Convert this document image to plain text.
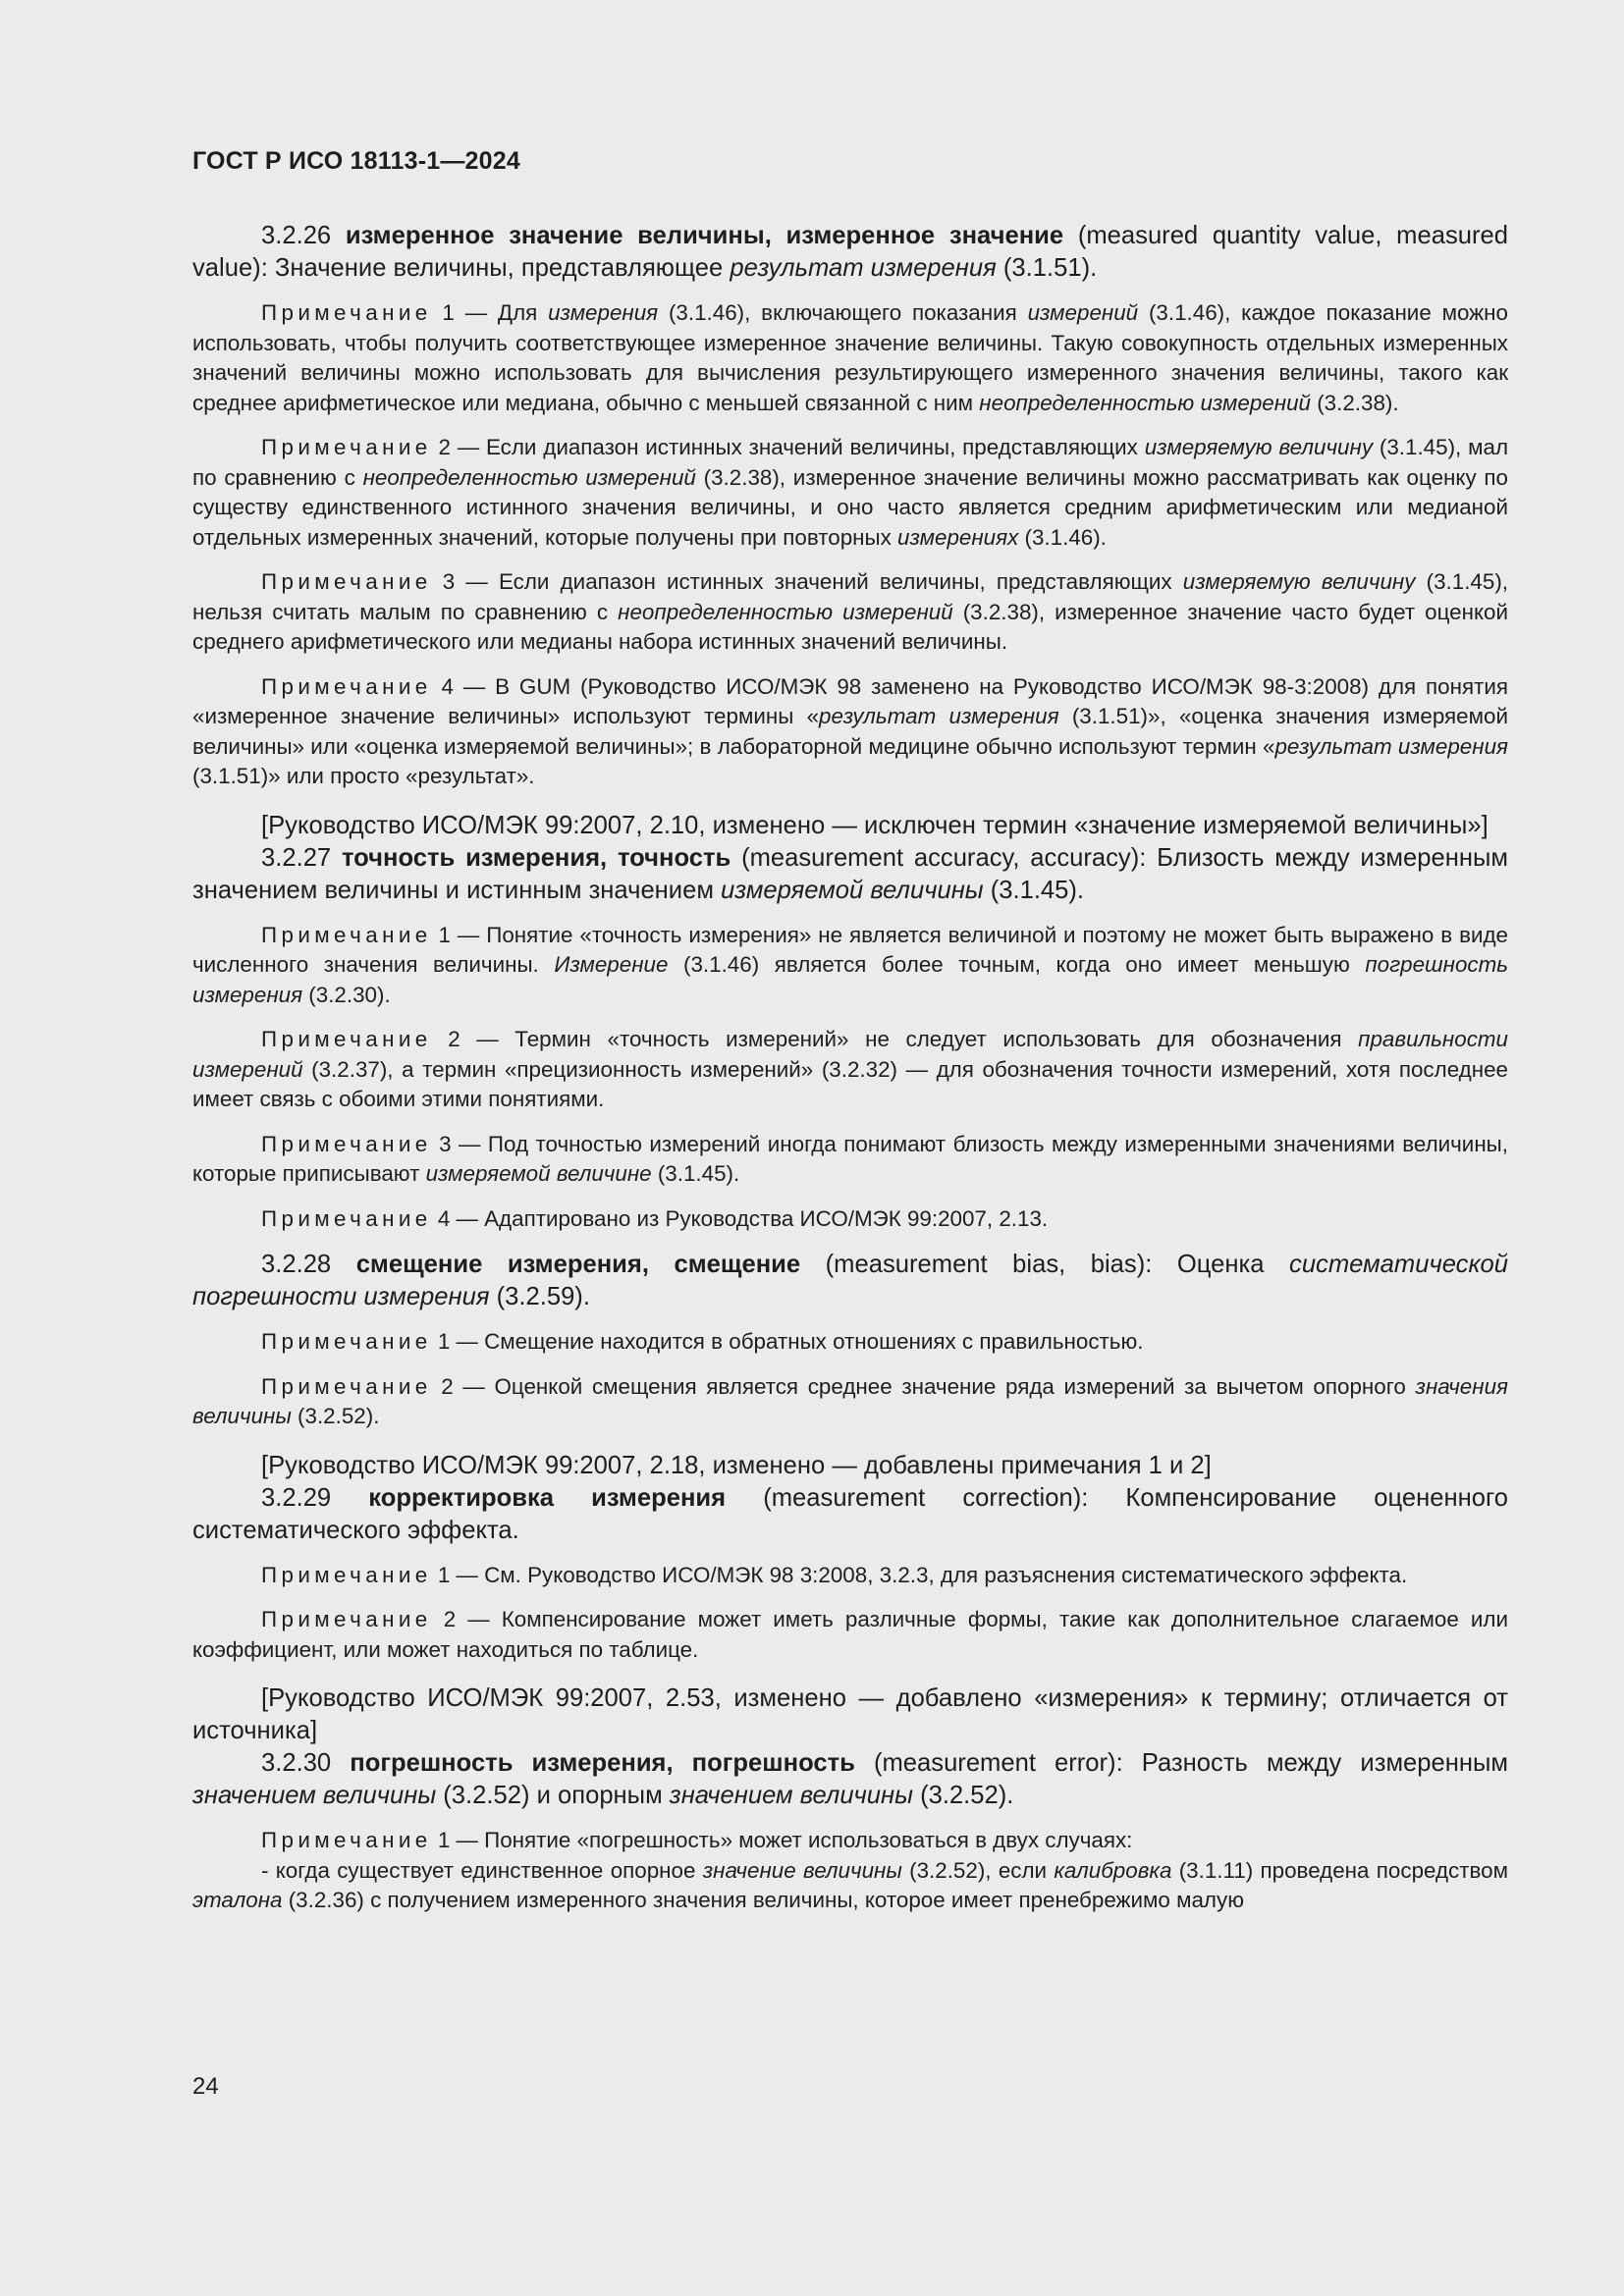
ГОСТ Р ИСО 18113-1—2024

3.2.26 измеренное значение величины, измеренное значение (measured quantity value, measured value): Значение величины, представляющее результат измерения (3.1.51).

Примечание 1 — Для измерения (3.1.46), включающего показания измерений (3.1.46), каждое показание можно использовать, чтобы получить соответствующее измеренное значение величины. Такую совокупность отдельных измеренных значений величины можно использовать для вычисления результирующего измеренного значения величины, такого как среднее арифметическое или медиана, обычно с меньшей связанной с ним неопределенностью измерений (3.2.38).

Примечание 2 — Если диапазон истинных значений величины, представляющих измеряемую величину (3.1.45), мал по сравнению с неопределенностью измерений (3.2.38), измеренное значение величины можно рассматривать как оценку по существу единственного истинного значения величины, и оно часто является средним арифметическим или медианой отдельных измеренных значений, которые получены при повторных измерениях (3.1.46).

Примечание 3 — Если диапазон истинных значений величины, представляющих измеряемую величину (3.1.45), нельзя считать малым по сравнению с неопределенностью измерений (3.2.38), измеренное значение часто будет оценкой среднего арифметического или медианы набора истинных значений величины.

Примечание 4 — В GUM (Руководство ИСО/МЭК 98 заменено на Руководство ИСО/МЭК 98-3:2008) для понятия «измеренное значение величины» используют термины «результат измерения (3.1.51)», «оценка значения измеряемой величины» или «оценка измеряемой величины»; в лабораторной медицине обычно используют термин «результат измерения (3.1.51)» или просто «результат».

[Руководство ИСО/МЭК 99:2007, 2.10, изменено — исключен термин «значение измеряемой величины»]

3.2.27 точность измерения, точность (measurement accuracy, accuracy): Близость между измеренным значением величины и истинным значением измеряемой величины (3.1.45).

Примечание 1 — Понятие «точность измерения» не является величиной и поэтому не может быть выражено в виде численного значения величины. Измерение (3.1.46) является более точным, когда оно имеет меньшую погрешность измерения (3.2.30).

Примечание 2 — Термин «точность измерений» не следует использовать для обозначения правильности измерений (3.2.37), а термин «прецизионность измерений» (3.2.32) — для обозначения точности измерений, хотя последнее имеет связь с обоими этими понятиями.

Примечание 3 — Под точностью измерений иногда понимают близость между измеренными значениями величины, которые приписывают измеряемой величине (3.1.45).

Примечание 4 — Адаптировано из Руководства ИСО/МЭК 99:2007, 2.13.

3.2.28 смещение измерения, смещение (measurement bias, bias): Оценка систематической погрешности измерения (3.2.59).

Примечание 1 — Смещение находится в обратных отношениях с правильностью.

Примечание 2 — Оценкой смещения является среднее значение ряда измерений за вычетом опорного значения величины (3.2.52).

[Руководство ИСО/МЭК 99:2007, 2.18, изменено — добавлены примечания 1 и 2]

3.2.29 корректировка измерения (measurement correction): Компенсирование оцененного систематического эффекта.

Примечание 1 — См. Руководство ИСО/МЭК 98 3:2008, 3.2.3, для разъяснения систематического эффекта.

Примечание 2 — Компенсирование может иметь различные формы, такие как дополнительное слагаемое или коэффициент, или может находиться по таблице.

[Руководство ИСО/МЭК 99:2007, 2.53, изменено — добавлено «измерения» к термину; отличается от источника]

3.2.30 погрешность измерения, погрешность (measurement error): Разность между измеренным значением величины (3.2.52) и опорным значением величины (3.2.52).

Примечание 1 — Понятие «погрешность» может использоваться в двух случаях:

- когда существует единственное опорное значение величины (3.2.52), если калибровка (3.1.11) проведена посредством эталона (3.2.36) с получением измеренного значения величины, которое имеет пренебрежимо малую

24
